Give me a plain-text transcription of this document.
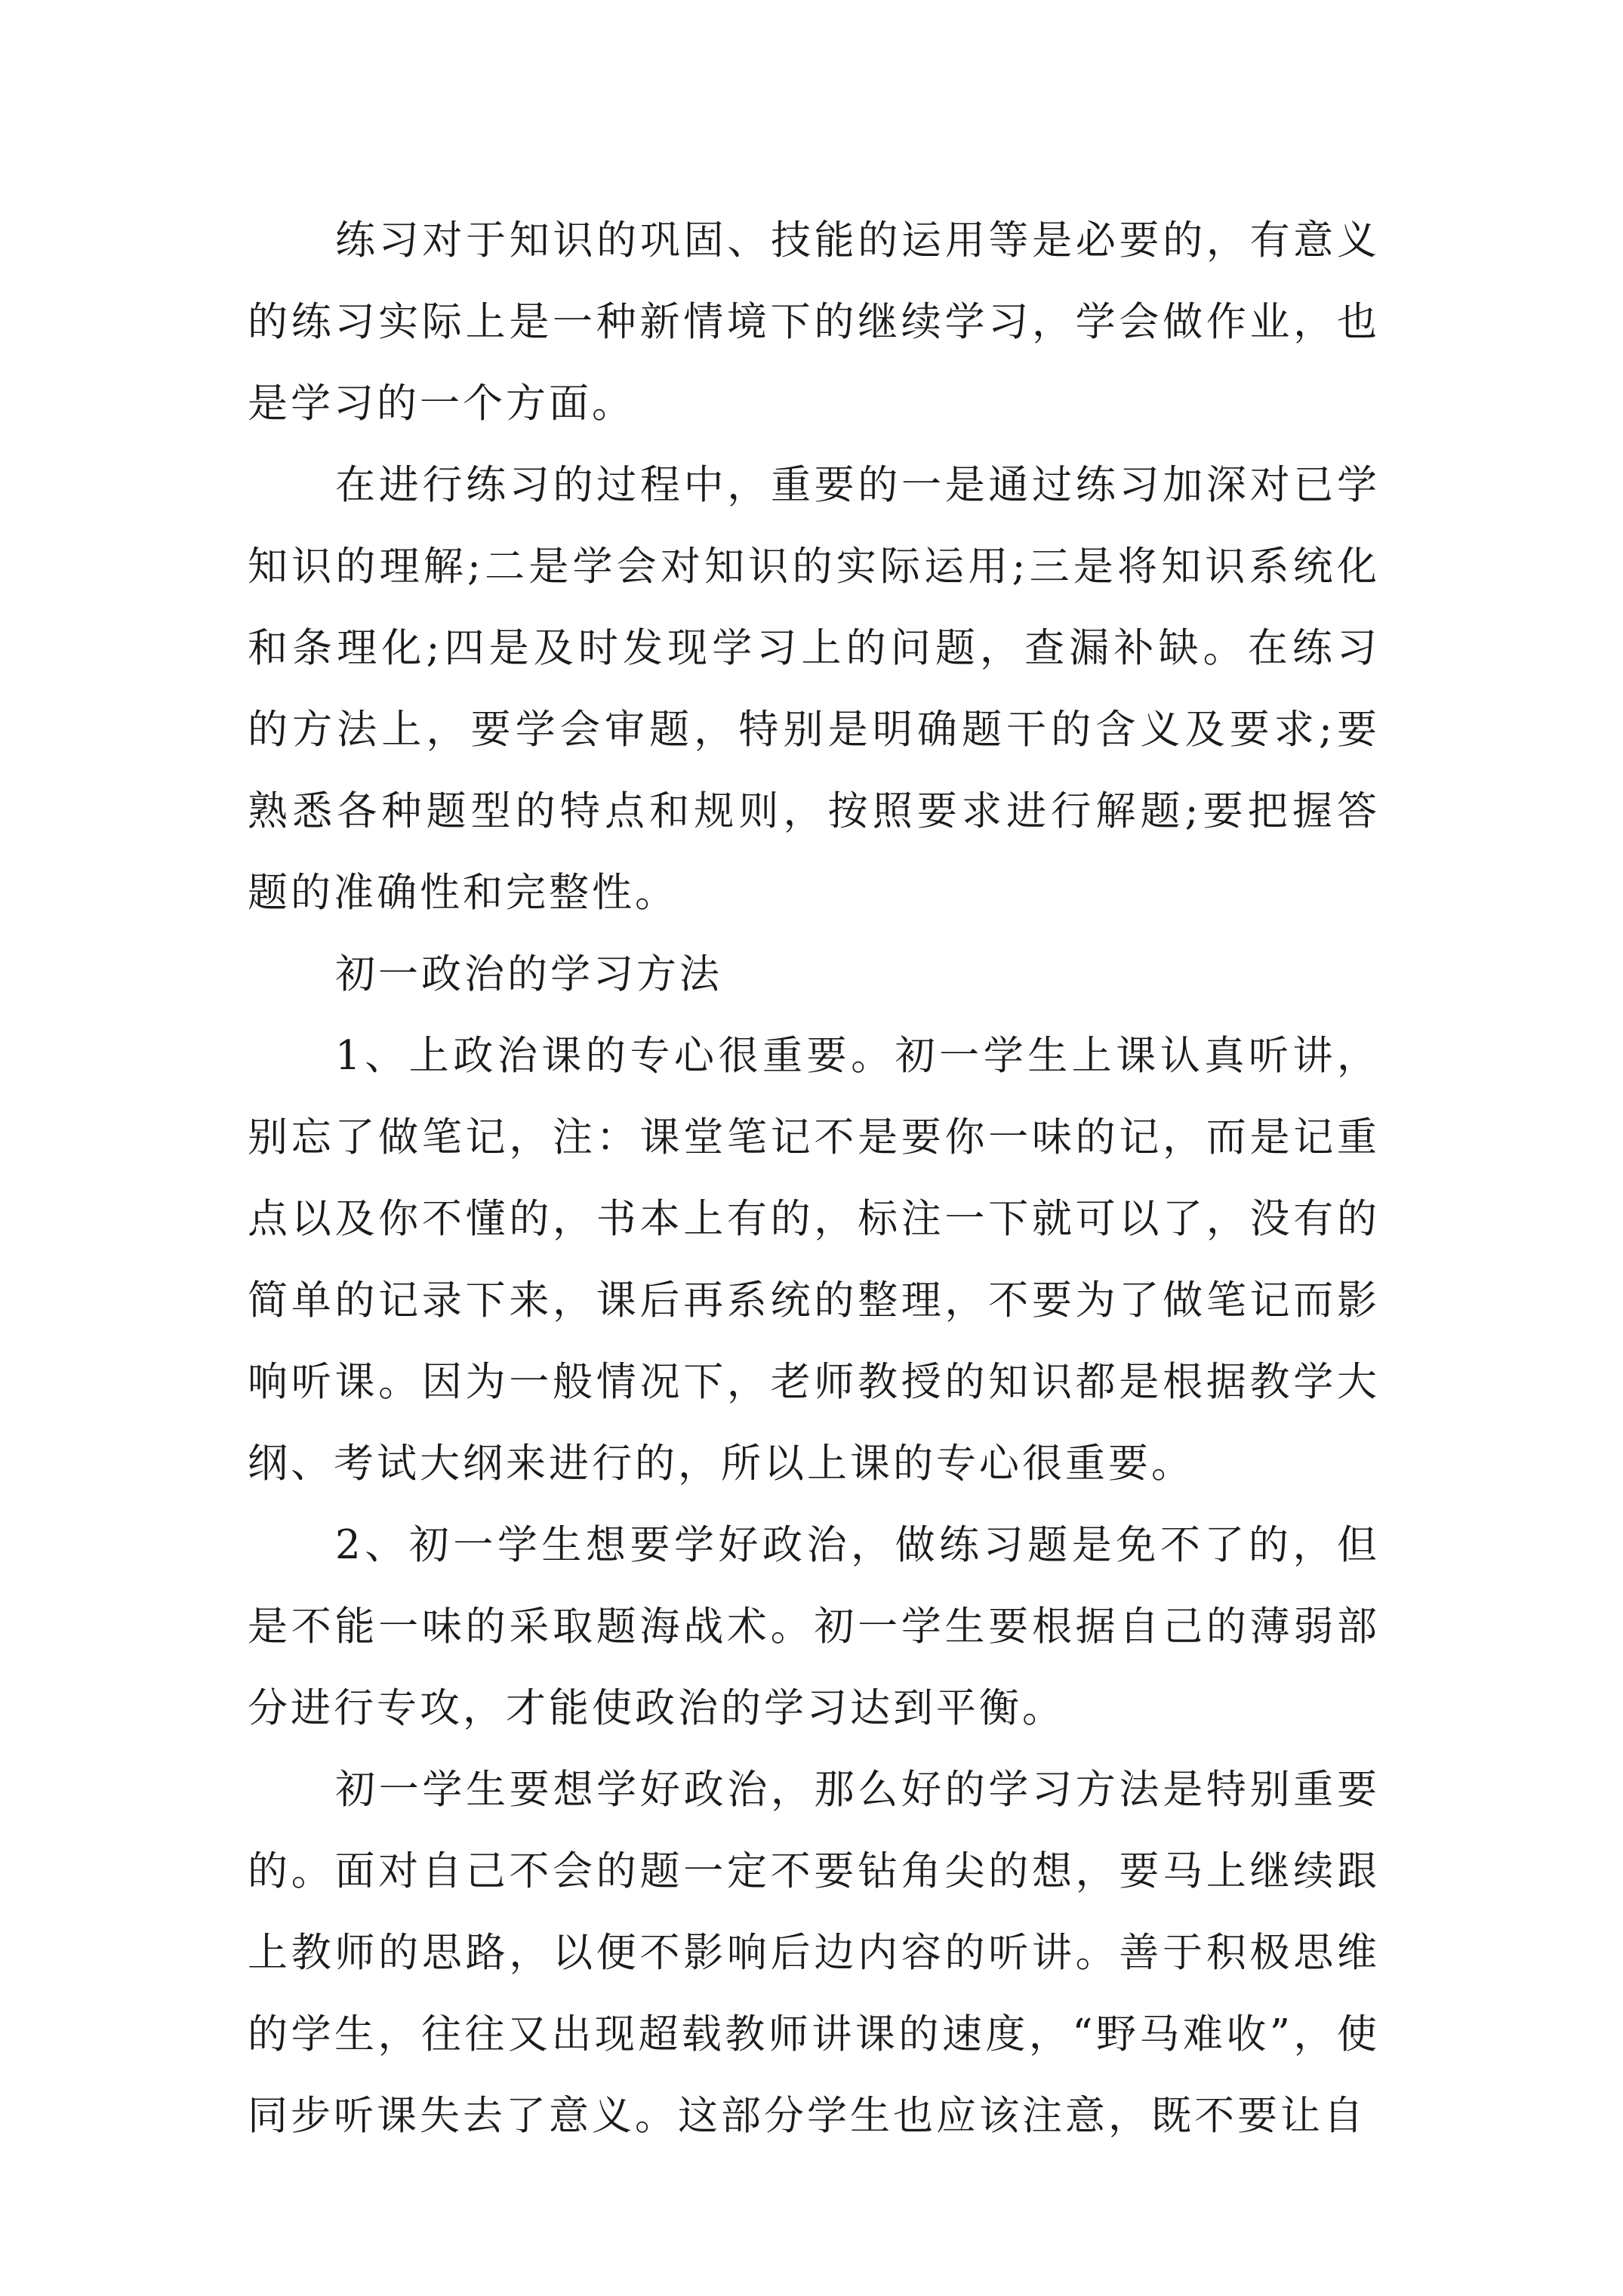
练习对于知识的巩固、技能的运用等是必要的，有意义的练习实际上是一种新情境下的继续学习，学会做作业，也是学习的一个方面。

在进行练习的过程中，重要的一是通过练习加深对已学知识的理解;二是学会对知识的实际运用;三是将知识系统化和条理化;四是及时发现学习上的问题，查漏补缺。在练习的方法上，要学会审题，特别是明确题干的含义及要求;要熟悉各种题型的特点和规则，按照要求进行解题;要把握答题的准确性和完整性。

初一政治的学习方法

1、上政治课的专心很重要。初一学生上课认真听讲，别忘了做笔记，注：课堂笔记不是要你一味的记，而是记重点以及你不懂的，书本上有的，标注一下就可以了，没有的简单的记录下来，课后再系统的整理，不要为了做笔记而影响听课。因为一般情况下，老师教授的知识都是根据教学大纲、考试大纲来进行的，所以上课的专心很重要。

2、初一学生想要学好政治，做练习题是免不了的，但是不能一味的采取题海战术。初一学生要根据自己的薄弱部分进行专攻，才能使政治的学习达到平衡。

初一学生要想学好政治，那么好的学习方法是特别重要的。面对自己不会的题一定不要钻角尖的想，要马上继续跟上教师的思路，以便不影响后边内容的听讲。善于积极思维的学生，往往又出现超载教师讲课的速度，“野马难收”，使同步听课失去了意义。这部分学生也应该注意，既不要让自
